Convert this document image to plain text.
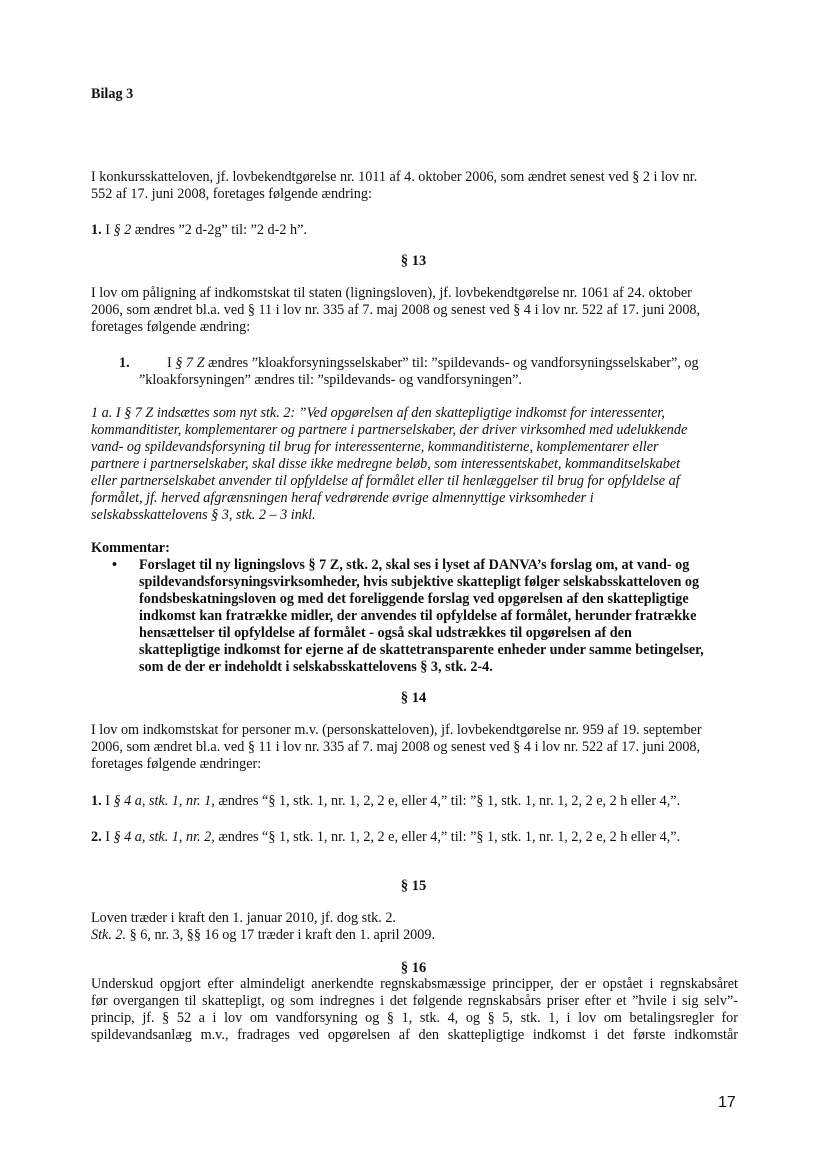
Bilag 3
I konkursskatteloven, jf. lovbekendtgørelse nr. 1011 af 4. oktober 2006, som ændret senest ved § 2 i lov nr.
552 af 17. juni 2008, foretages følgende ændring:
1. I § 2 ændres ”2 d-2g” til: ”2 d-2 h”.
§ 13
I lov om påligning af indkomstskat til staten (ligningsloven), jf. lovbekendtgørelse nr. 1061 af 24. oktober
2006, som ændret bl.a. ved § 11 i lov nr. 335 af 7. maj 2008 og senest ved § 4 i lov nr. 522 af 17. juni 2008,
foretages følgende ændring:
1.	I § 7 Z ændres ”kloakforsyningsselskaber” til: ”spildevands- og vandforsyningsselskaber”, og
”kloakforsyningen” ændres til: ”spildevands- og vandforsyningen”.
1 a. I § 7 Z indsættes som nyt stk. 2: ”Ved opgørelsen af den skattepligtige indkomst for interessenter,
kommanditister, komplementarer og partnere i partnerselskaber, der driver virksomhed med udelukkende
vand- og spildevandsforsyning til brug for interessenterne, kommanditisterne, komplementarer eller
partnere i partnerselskaber, skal disse ikke medregne beløb, som interessentskabet, kommanditselskabet
eller partnerselskabet anvender til opfyldelse af formålet eller til henlæggelser til brug for opfyldelse af
formålet, jf. herved afgrænsningen heraf vedrørende øvrige almennyttige virksomheder i
selskabsskattelovens § 3, stk. 2 – 3 inkl.
Kommentar:
• Forslaget til ny ligningslovs § 7 Z, stk. 2, skal ses i lyset af DANVA’s forslag om, at vand- og
spildevandsforsyningsvirksomheder, hvis subjektive skattepligt følger selskabsskatteloven og
fondsbeskatningsloven og med det foreliggende forslag ved opgørelsen af den skattepligtige
indkomst kan fratrække midler, der anvendes til opfyldelse af formålet, herunder fratrække
hensættelser til opfyldelse af formålet - også skal udstrækkes til opgørelsen af den
skattepligtige indkomst for ejerne af de skattetransparente enheder under samme betingelser,
som de der er indeholdt i selskabsskattelovens § 3, stk. 2-4.
§ 14
I lov om indkomstskat for personer m.v. (personskatteloven), jf. lovbekendtgørelse nr. 959 af 19. september
2006, som ændret bl.a. ved § 11 i lov nr. 335 af 7. maj 2008 og senest ved § 4 i lov nr. 522 af 17. juni 2008,
foretages følgende ændringer:
1. I § 4 a, stk. 1, nr. 1, ændres “§ 1, stk. 1, nr. 1, 2, 2 e, eller 4,” til: ”§ 1, stk. 1, nr. 1, 2, 2 e, 2 h eller 4,”.
2. I § 4 a, stk. 1, nr. 2, ændres “§ 1, stk. 1, nr. 1, 2, 2 e, eller 4,” til: ”§ 1, stk. 1, nr. 1, 2, 2 e, 2 h eller 4,”.
§ 15
Loven træder i kraft den 1. januar 2010, jf. dog stk. 2.
Stk. 2. § 6, nr. 3, §§ 16 og 17 træder i kraft den 1. april 2009.
§ 16
Underskud opgjort efter almindeligt anerkendte regnskabsmæssige principper, der er opstået i regnskabsåret
før overgangen til skattepligt, og som indregnes i det følgende regnskabsårs priser efter et ”hvile i sig selv”-
princip, jf. § 52 a i lov om vandforsyning og § 1, stk. 4, og § 5, stk. 1, i lov om betalingsregler for
spildevandsanlæg m.v., fradrages ved opgørelsen af den skattepligtige indkomst i det første indkomstår
17
